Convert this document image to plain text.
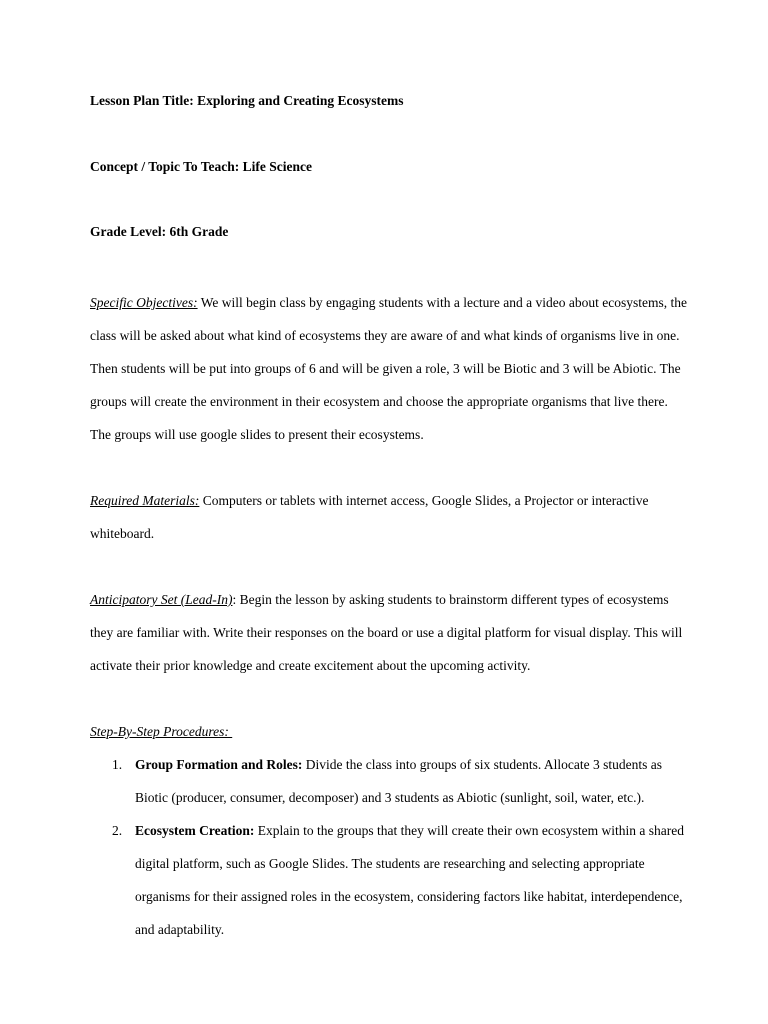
Lesson Plan Title: Exploring and Creating Ecosystems

Concept / Topic To Teach: Life Science

Grade Level: 6th Grade

Specific Objectives: We will begin class by engaging students with a lecture and a video about ecosystems, the class will be asked about what kind of ecosystems they are aware of and what kinds of organisms live in one. Then students will be put into groups of 6 and will be given a role, 3 will be Biotic and 3 will be Abiotic. The groups will create the environment in their ecosystem and choose the appropriate organisms that live there. The groups will use google slides to present their ecosystems.

Required Materials: Computers or tablets with internet access, Google Slides, a Projector or interactive whiteboard.

Anticipatory Set (Lead-In): Begin the lesson by asking students to brainstorm different types of ecosystems they are familiar with. Write their responses on the board or use a digital platform for visual display. This will activate their prior knowledge and create excitement about the upcoming activity.

Step-By-Step Procedures:

1. Group Formation and Roles: Divide the class into groups of six students. Allocate 3 students as Biotic (producer, consumer, decomposer) and 3 students as Abiotic (sunlight, soil, water, etc.).
2. Ecosystem Creation: Explain to the groups that they will create their own ecosystem within a shared digital platform, such as Google Slides. The students are researching and selecting appropriate organisms for their assigned roles in the ecosystem, considering factors like habitat, interdependence, and adaptability.
